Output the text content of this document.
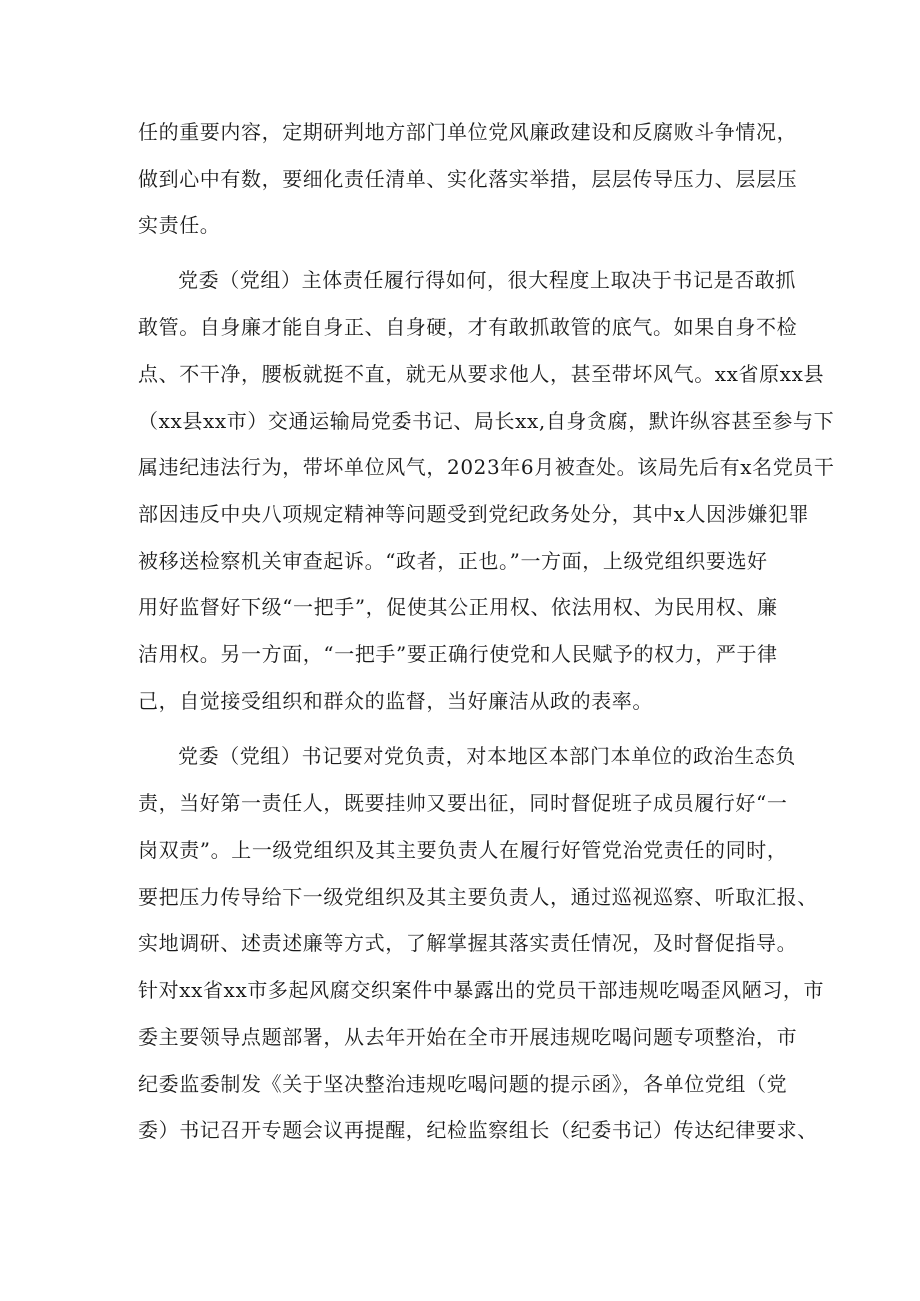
任的重要内容，定期研判地方部门单位党风廉政建设和反腐败斗争情况，
做到心中有数，要细化责任清单、实化落实举措，层层传导压力、层层压
实责任。
党委（党组）主体责任履行得如何，很大程度上取决于书记是否敢抓
敢管。自身廉才能自身正、自身硬，才有敢抓敢管的底气。如果自身不检
点、不干净，腰板就挺不直，就无从要求他人，甚至带坏风气。xx省原xx县
（xx县xx市）交通运输局党委书记、局长xx,自身贪腐，默许纵容甚至参与下
属违纪违法行为，带坏单位风气，2023年6月被查处。该局先后有x名党员干
部因违反中央八项规定精神等问题受到党纪政务处分，其中x人因涉嫌犯罪
被移送检察机关审查起诉。“政者，正也。”一方面，上级党组织要选好
用好监督好下级“一把手”，促使其公正用权、依法用权、为民用权、廉
洁用权。另一方面，“一把手”要正确行使党和人民赋予的权力，严于律
己，自觉接受组织和群众的监督，当好廉洁从政的表率。
党委（党组）书记要对党负责，对本地区本部门本单位的政治生态负
责，当好第一责任人，既要挂帅又要出征，同时督促班子成员履行好“一
岗双责”。上一级党组织及其主要负责人在履行好管党治党责任的同时，
要把压力传导给下一级党组织及其主要负责人，通过巡视巡察、听取汇报、
实地调研、述责述廉等方式，了解掌握其落实责任情况，及时督促指导。
针对xx省xx市多起风腐交织案件中暴露出的党员干部违规吃喝歪风陋习，市
委主要领导点题部署，从去年开始在全市开展违规吃喝问题专项整治，市
纪委监委制发《关于坚决整治违规吃喝问题的提示函》，各单位党组（党
委）书记召开专题会议再提醒，纪检监察组长（纪委书记）传达纪律要求、
